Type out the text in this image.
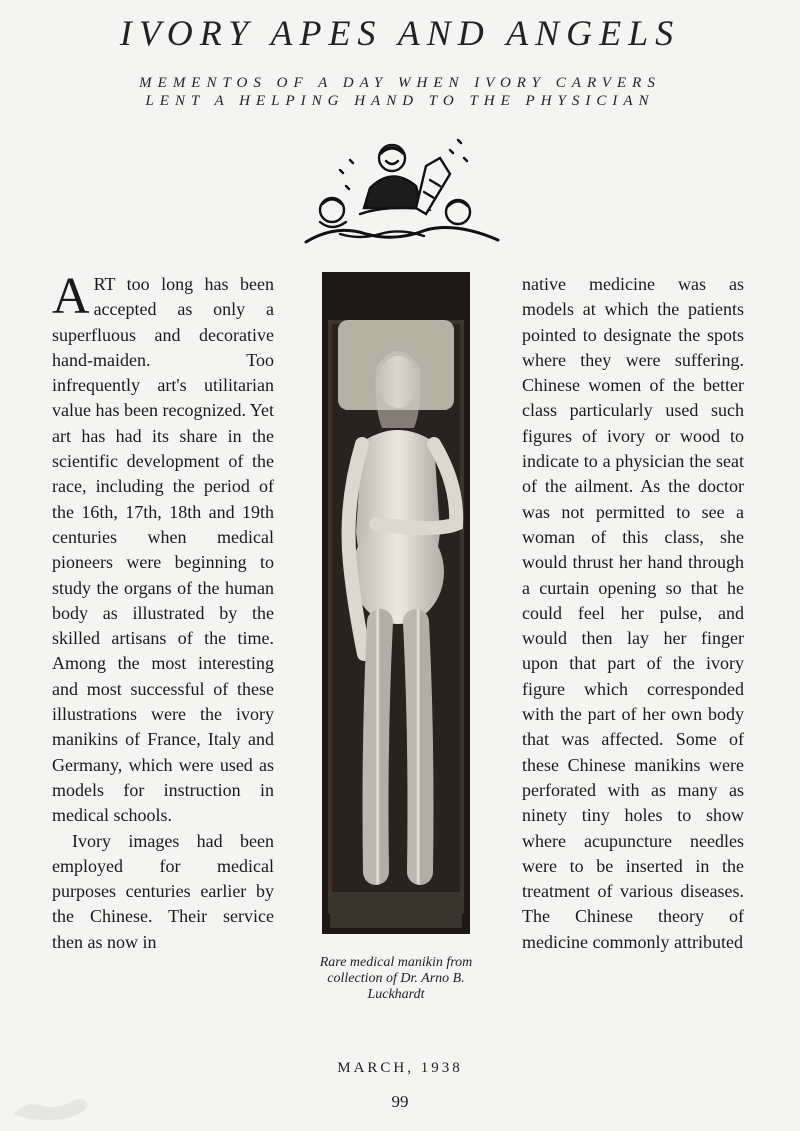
IVORY APES AND ANGELS
MEMENTOS OF A DAY WHEN IVORY CARVERS
LENT A HELPING HAND TO THE PHYSICIAN

ART too long has been accepted as only a superfluous and decorative hand-maiden. Too infrequently art's utilitarian value has been recognized. Yet art has had its share in the scientific development of the race, including the period of the 16th, 17th, 18th and 19th centuries when medical pioneers were beginning to study the organs of the human body as illustrated by the skilled artisans of the time. Among the most interesting and most successful of these illustrations were the ivory manikins of France, Italy and Germany, which were used as models for instruction in medical schools.

Ivory images had been employed for medical purposes centuries earlier by the Chinese. Their service then as now in

Rare medical manikin from
collection of Dr. Arno B.
Luckhardt

native medicine was as models at which the patients pointed to designate the spots where they were suffering. Chinese women of the better class particularly used such figures of ivory or wood to indicate to a physician the seat of the ailment. As the doctor was not permitted to see a woman of this class, she would thrust her hand through a curtain opening so that he could feel her pulse, and would then lay her finger upon that part of the ivory figure which corresponded with the part of her own body that was affected. Some of these Chinese manikins were perforated with as many as ninety tiny holes to show where acupuncture needles were to be inserted in the treatment of various diseases. The Chinese theory of medicine commonly attributed

MARCH, 1938
99
